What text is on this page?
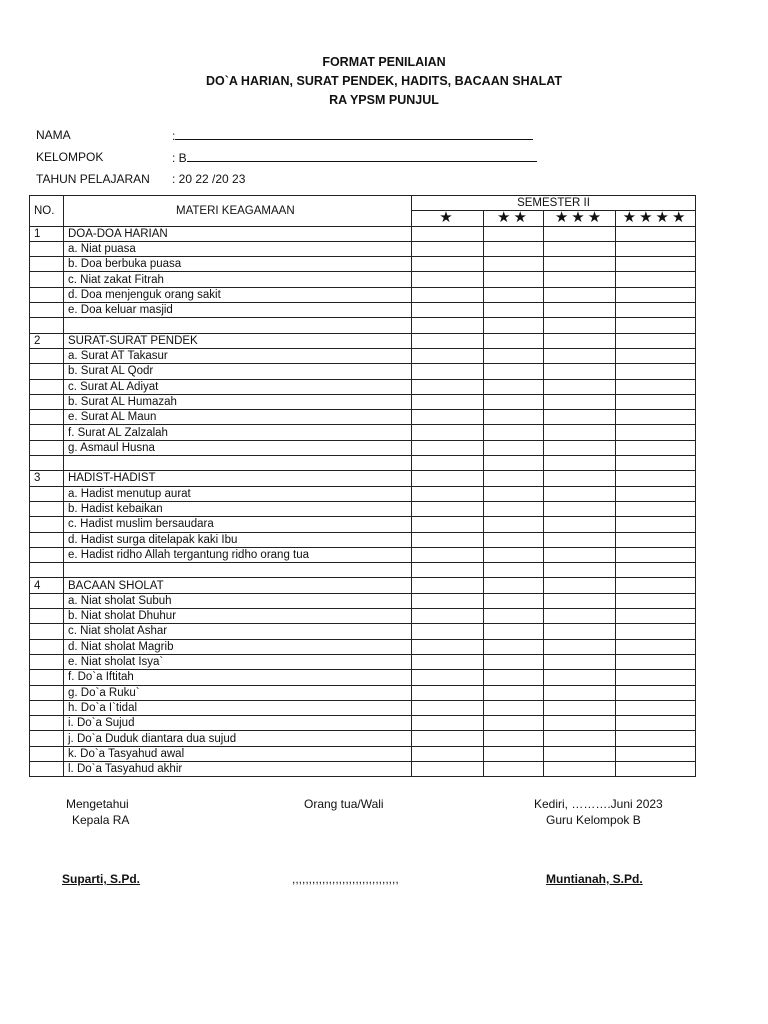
FORMAT PENILAIAN
DO`A HARIAN, SURAT PENDEK, HADITS, BACAAN SHALAT
RA YPSM PUNJUL
NAMA	:
KELOMPOK	: B
TAHUN PELAJARAN : 20 22 /20 23
NO.	MATERI KEAGAMAAN	SEMESTER II			
		★	★★	★★★	★★★★
1	DOA-DOA HARIAN				
	a. Niat puasa				
	b. Doa berbuka puasa				
	c. Niat zakat Fitrah				
	d. Doa menjenguk orang sakit				
	e. Doa keluar masjid				

2	SURAT-SURAT PENDEK				
	a. Surat AT Takasur				
	b. Surat AL Qodr				
	c. Surat AL Adiyat				
	b. Surat AL Humazah				
	e. Surat AL Maun				
	f. Surat AL Zalzalah				
	g. Asmaul Husna				

3	HADIST-HADIST				
	a. Hadist menutup aurat				
	b. Hadist kebaikan				
	c. Hadist muslim bersaudara				
	d. Hadist surga ditelapak kaki Ibu				
	e. Hadist ridho Allah tergantung ridho orang tua				

4	BACAAN SHOLAT				
	a. Niat sholat Subuh				
	b. Niat sholat Dhuhur				
	c. Niat sholat Ashar				
	d. Niat sholat Magrib				
	e. Niat sholat Isya`				
	f. Do`a Iftitah				
	g. Do`a Ruku`				
	h. Do`a I`tidal				
	i. Do`a Sujud				
	j. Do`a Duduk diantara dua sujud				
	k. Do`a Tasyahud awal				
	l. Do`a Tasyahud akhir				
Mengetahui
Kepala RA
Suparti, S.Pd.
Orang tua/Wali
,,,,,,,,,,,,,,,,,,,,,,,,,,,,,,,,
Kediri, ……….Juni 2023
Guru Kelompok B
Muntianah, S.Pd.
